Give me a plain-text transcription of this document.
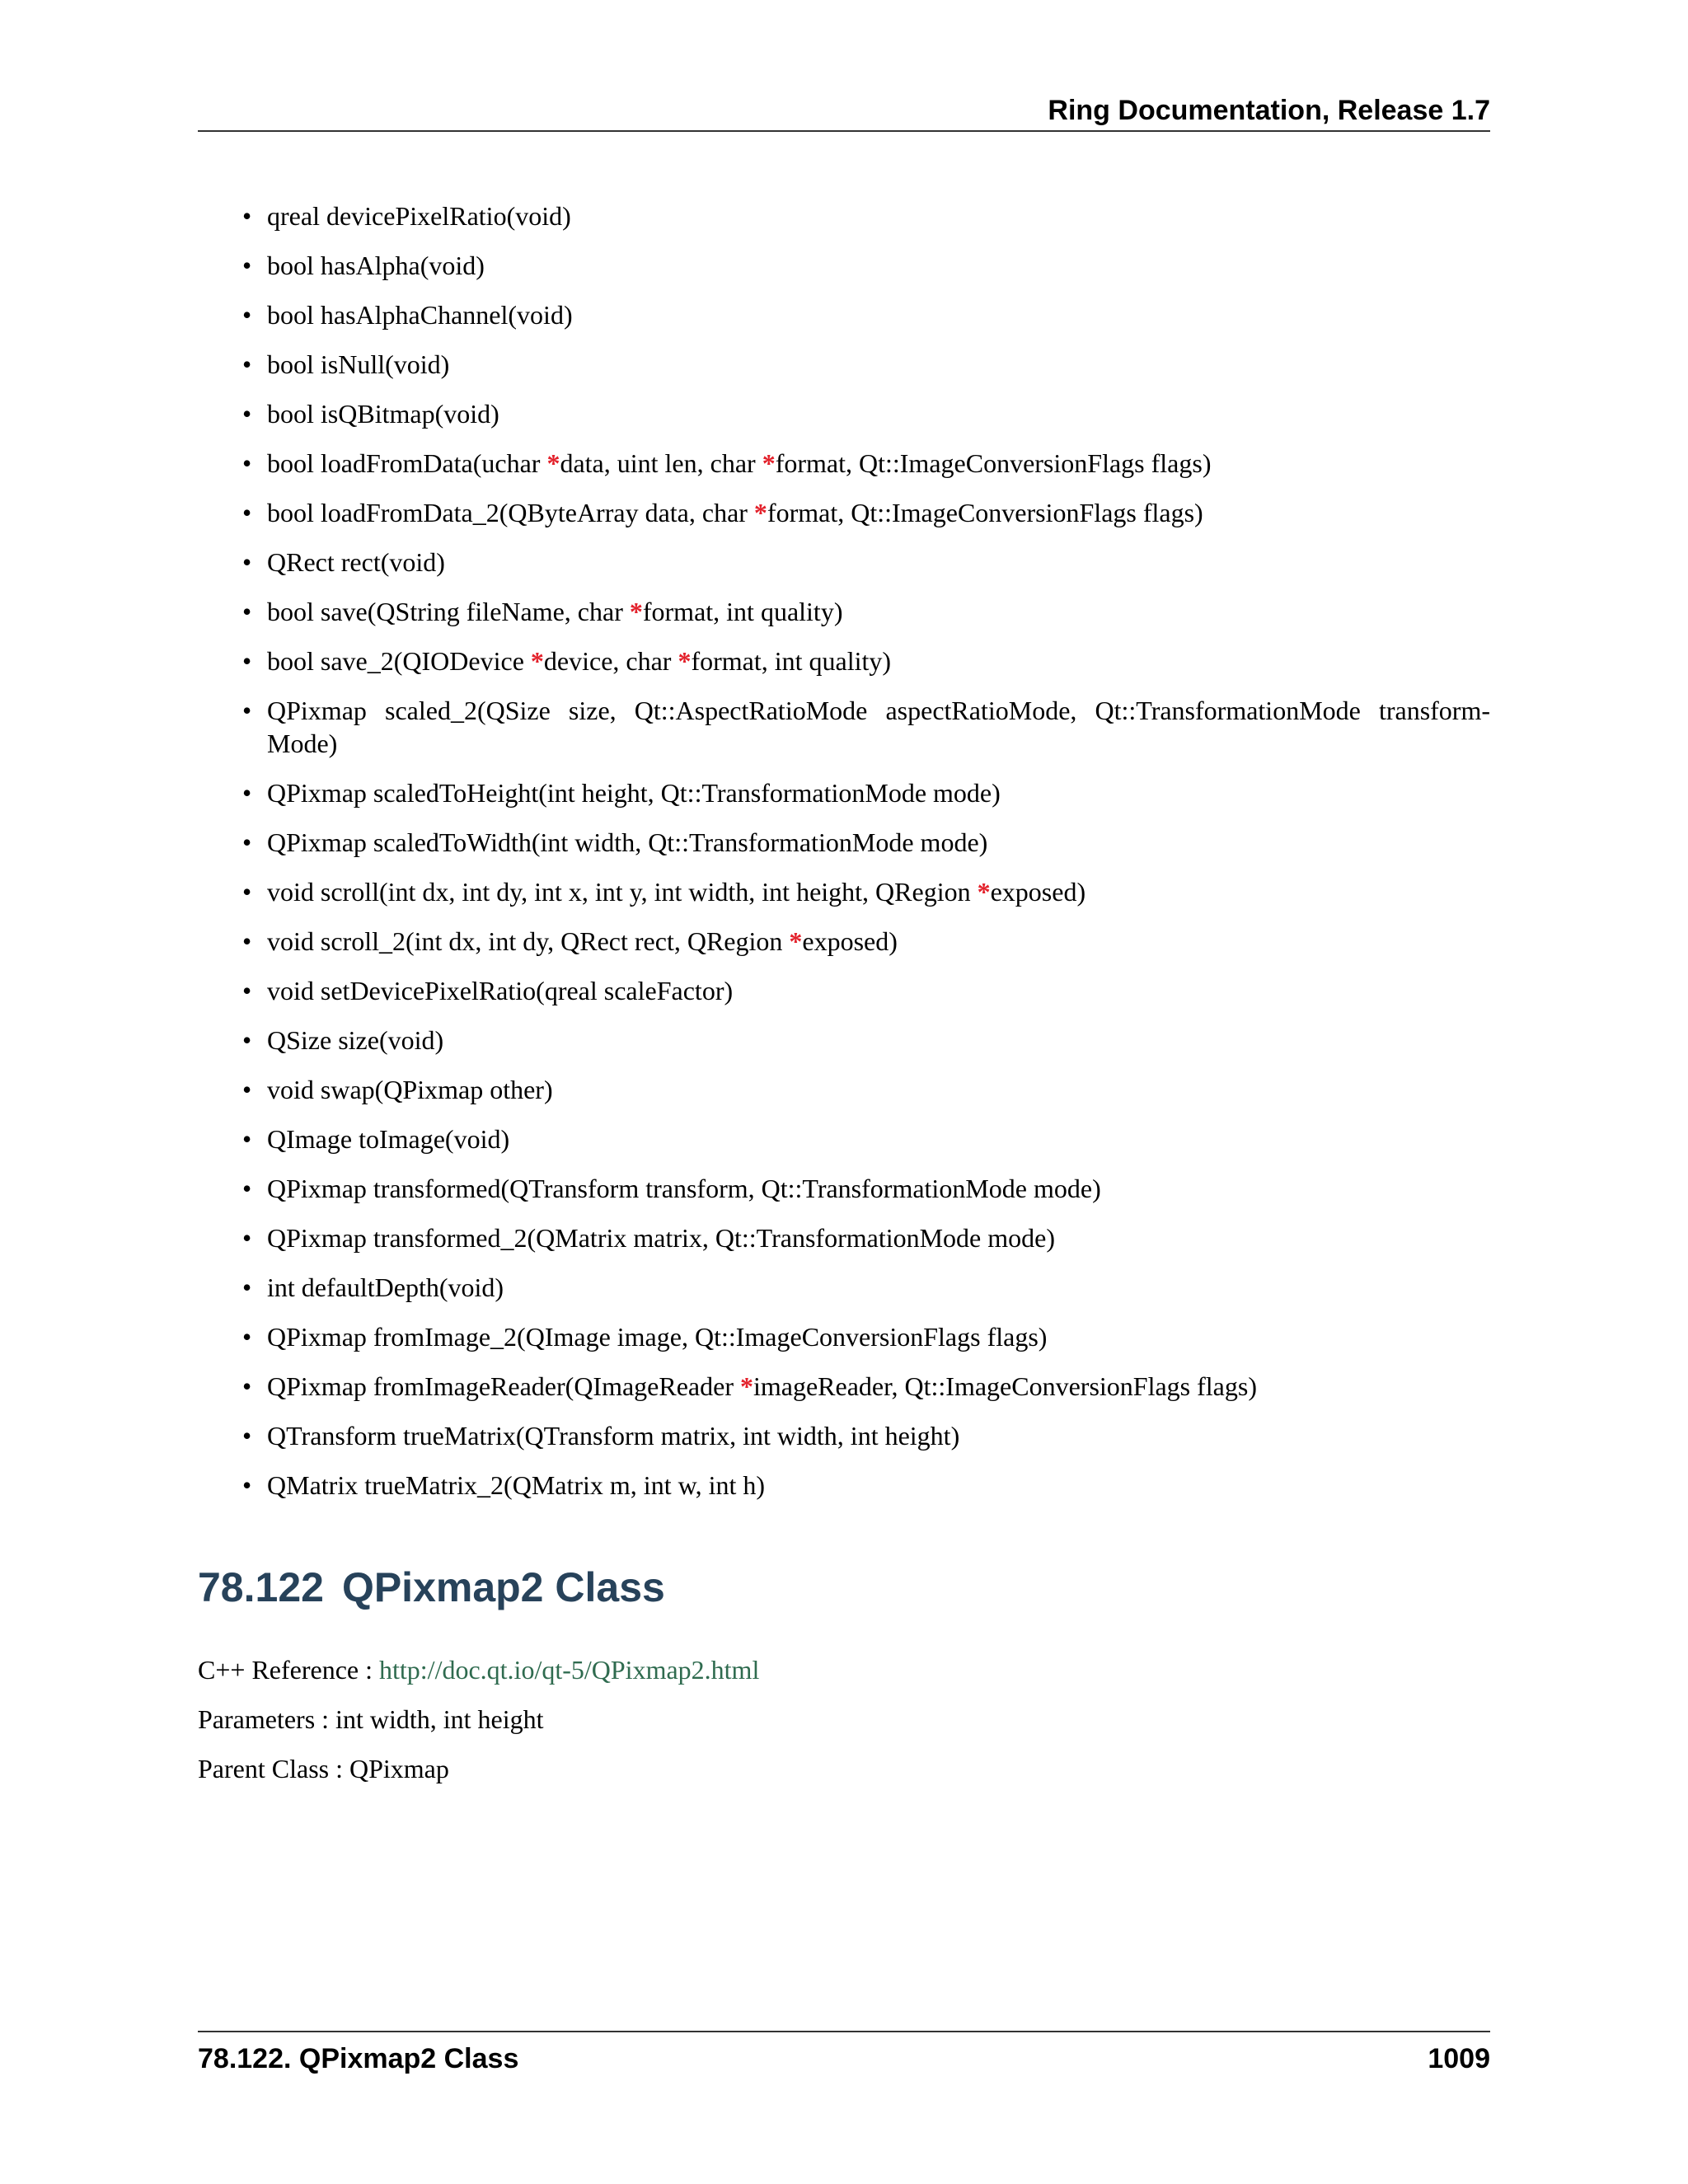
Ring Documentation, Release 1.7
• qreal devicePixelRatio(void)
• bool hasAlpha(void)
• bool hasAlphaChannel(void)
• bool isNull(void)
• bool isQBitmap(void)
• bool loadFromData(uchar *data, uint len, char *format, Qt::ImageConversionFlags flags)
• bool loadFromData_2(QByteArray data, char *format, Qt::ImageConversionFlags flags)
• QRect rect(void)
• bool save(QString fileName, char *format, int quality)
• bool save_2(QIODevice *device, char *format, int quality)
• QPixmap scaled_2(QSize size, Qt::AspectRatioMode aspectRatioMode, Qt::TransformationMode transform-Mode)
• QPixmap scaledToHeight(int height, Qt::TransformationMode mode)
• QPixmap scaledToWidth(int width, Qt::TransformationMode mode)
• void scroll(int dx, int dy, int x, int y, int width, int height, QRegion *exposed)
• void scroll_2(int dx, int dy, QRect rect, QRegion *exposed)
• void setDevicePixelRatio(qreal scaleFactor)
• QSize size(void)
• void swap(QPixmap other)
• QImage toImage(void)
• QPixmap transformed(QTransform transform, Qt::TransformationMode mode)
• QPixmap transformed_2(QMatrix matrix, Qt::TransformationMode mode)
• int defaultDepth(void)
• QPixmap fromImage_2(QImage image, Qt::ImageConversionFlags flags)
• QPixmap fromImageReader(QImageReader *imageReader, Qt::ImageConversionFlags flags)
• QTransform trueMatrix(QTransform matrix, int width, int height)
• QMatrix trueMatrix_2(QMatrix m, int w, int h)
78.122 QPixmap2 Class
C++ Reference : http://doc.qt.io/qt-5/QPixmap2.html
Parameters : int width, int height
Parent Class : QPixmap
78.122. QPixmap2 Class	1009
